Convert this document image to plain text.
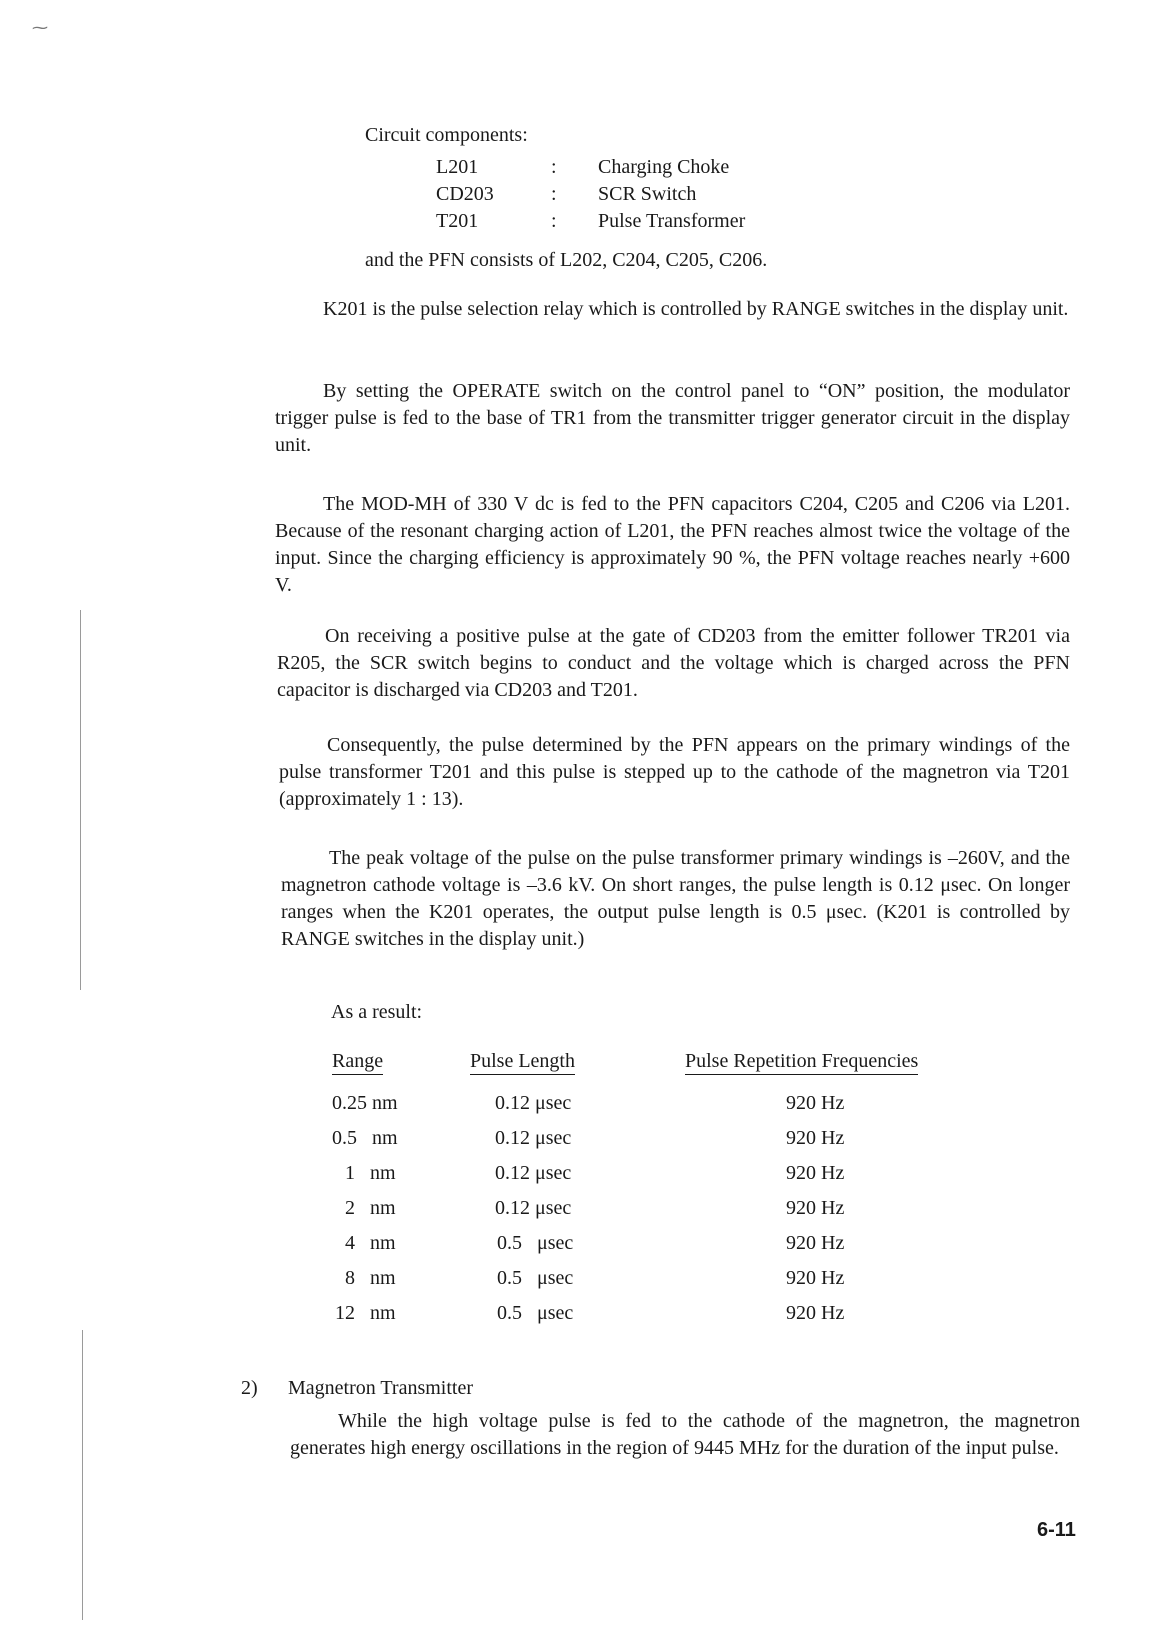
⁓
Circuit components:
L201	: Charging Choke
CD203	: SCR Switch
T201	: Pulse Transformer
and the PFN consists of L202, C204, C205, C206.

K201 is the pulse selection relay which is controlled by RANGE switches in the display unit.

By setting the OPERATE switch on the control panel to “ON” position, the modulator trigger pulse is fed to the base of TR1 from the transmitter trigger generator circuit in the display unit.

The MOD-MH of 330 V dc is fed to the PFN capacitors C204, C205 and C206 via L201. Because of the resonant charging action of L201, the PFN reaches almost twice the voltage of the input. Since the charging efficiency is approximately 90 %, the PFN voltage reaches nearly +600 V.

On receiving a positive pulse at the gate of CD203 from the emitter follower TR201 via R205, the SCR switch begins to conduct and the voltage which is charged across the PFN capacitor is discharged via CD203 and T201.

Consequently, the pulse determined by the PFN appears on the primary windings of the pulse transformer T201 and this pulse is stepped up to the cathode of the magnetron via T201 (approximately 1 : 13).

The peak voltage of the pulse on the pulse transformer primary windings is –260V, and the magnetron cathode voltage is –3.6 kV. On short ranges, the pulse length is 0.12 μsec. On longer ranges when the K201 operates, the output pulse length is 0.5 μsec. (K201 is controlled by RANGE switches in the display unit.)

As a result:
Range	Pulse Length	Pulse Repetition Frequencies
0.25 nm	0.12 μsec	920 Hz
0.5   nm	0.12 μsec	920 Hz
1   nm	0.12 μsec	920 Hz
2   nm	0.12 μsec	920 Hz
4   nm	0.5   μsec	920 Hz
8   nm	0.5   μsec	920 Hz
12   nm	0.5   μsec	920 Hz
2) Magnetron Transmitter

While the high voltage pulse is fed to the cathode of the magnetron, the magnetron generates high energy oscillations in the region of 9445 MHz for the duration of the input pulse.

6-11
